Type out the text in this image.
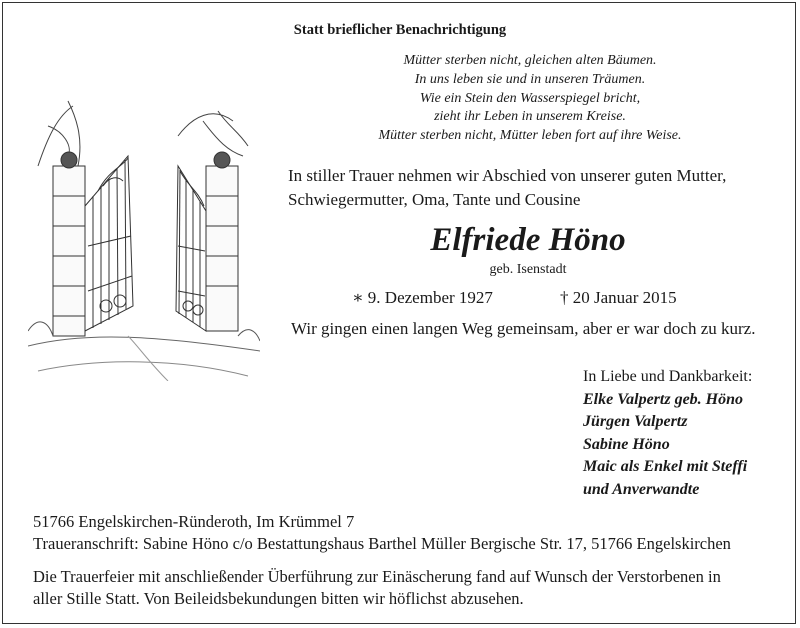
Statt brieflicher Benachrichtigung
Mütter sterben nicht, gleichen alten Bäumen.
In uns leben sie und in unseren Träumen.
Wie ein Stein den Wasserspiegel bricht,
zieht ihr Leben in unserem Kreise.
Mütter sterben nicht, Mütter leben fort auf ihre Weise.
In stiller Trauer nehmen wir Abschied von unserer guten Mutter,
Schwiegermutter, Oma, Tante und Cousine
Elfriede Höno
geb. Isenstadt
∗ 9. Dezember 1927	† 20 Januar 2015
Wir gingen einen langen Weg gemeinsam, aber er war doch zu kurz.
In Liebe und Dankbarkeit:
Elke Valpertz geb. Höno
Jürgen Valpertz
Sabine Höno
Maic als Enkel mit Steffi
und Anverwandte
51766 Engelskirchen-Ründeroth, Im Krümmel 7
Traueranschrift: Sabine Höno c/o Bestattungshaus Barthel Müller Bergische Str. 17, 51766 Engelskirchen
Die Trauerfeier mit anschließender Überführung zur Einäscherung fand auf Wunsch der Verstorbenen in
aller Stille Statt. Von Beileidsbekundungen bitten wir höflichst abzusehen.
